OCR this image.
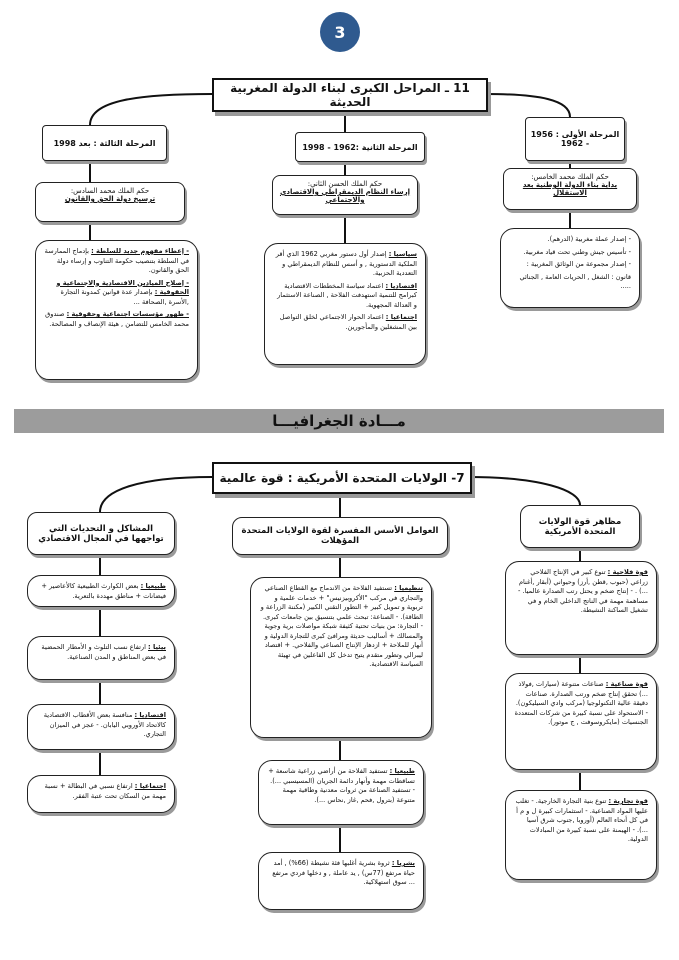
3
11 ـ المراحل الكبرى لبناء الدولة المغربية الحديثة
المرحلة الثالثة : بعد 1998	المرحلة الثانية :1962 - 1998
المرحلة الأولى : 1956 - 1962
حكم الملك محمد السادس:
ترسيخ دولة الحق والقانون
حكم الملك الحسن الثاني:
إرساء النظام الديمقراطي والاقتصادي والاجتماعي
حكم الملك محمد الخامس:
بداية بناء الدولة الوطنية بعد الاستقلال

- إعطاء مفهوم جديد للسلطة : بإدماج الممارسة في السلطة بتنصيب حكومة التناوب و إرساء دولة الحق والقانون.

- إصلاح الميادين الاقتصادية والاجتماعية و الحقوقية : بإصدار عدة قوانين كمدونة التجارة ,الأسرة ,الصحافة ...

- ظهور مؤسسات اجتماعية وحقوقية : صندوق محمد الخامس للتضامن , هيئة الإنصاف و المصالحة.

سياسيا : إصدار أول دستور مغربي 1962 الذي أقر الملكية الدستورية , و أسس للنظام الديمقراطي و التعددية الحزبية.

اقتصاديا : اعتماد سياسة المخططات الاقتصادية كبرامج للتنمية استهدفت الفلاحة , الصناعة الاستثمار و العدالة المجهوية.

اجتماعيا : اعتماد الحوار الاجتماعي لخلق التواصل بين المشغلين والمأجورين.

- إصدار عملة مغربية (الدرهم).

- تأسيس جيش وطني تحت قياد مغربية.

- إصدار مجموعة من الوثائق المغربية :

قانون : الشغل , الحريات العامة , الجنائي .....

مـــادة الجغرافيـــا
7- الولايات المتحدة الأمريكية : قوة عالمية
مظاهر قوة الولايات المتحدة الأمريكية
العوامل الأسس المفسرة لقوة الولايات المتحدة المؤهلات
المشاكل و التحديات التي تواجهها في المجال الاقتصادي

قوة فلاحية : تنوع كبير في الإنتاج الفلاحي زراعي (حبوب ,قطن ,أرز) وحيواني (أبقار ,أغنام ...) . - إنتاج ضخم و يحتل رتب الصدارة عالميا. - مساهمة مهمة في الناتج الداخلي الخام و في تشغيل الساكنة النشيطة.

قوة صناعية : صناعات متنوعة (سيارات ,فولاذ ...) تحقق إنتاج ضخم ورتب الصدارة. صناعات دقيقة عالية التكنولوجيا (مركب وادي السيليكون). - الاستحواذ على نسبة كبيرة من شركات المتعددة الجنسيات (مايكروسوفت , ج موتور).

قوة تجارية : تنوع بنية التجارة الخارجية. - تغلب عليها المواد الصناعية. - استثمارات كبيرة ل و م أ في كل أنحاء العالم (أوروبا ,جنوب شرق آسيا ...). - الهيمنة على نسبة كبيرة من المبادلات الدولية.

تنظيميا : تستفيد الفلاحة من الاندماج مع القطاع الصناعي والتجاري في مركب "الأكروبيزنيس" + خدمات علمية و تربوية و تمويل كبير + التطور التقني الكبير (مكننة الزراعة و الطاقة). - الصناعة: تبحث علمي بتنسيق بين جامعات كبرى. - التجارة: من بنيات تحتية كثيفة شبكة مواصلات برية وجوية والمسالك + أساليب حديثة ومرافئ كبرى للتجارة الدولية و أنهار للملاحة + ازدهار الإنتاج الصناعي والفلاحي. + اقتصاد ليبرالي وتطور متقدم يتيح تدخل كل الفاعلين في تهيئة السياسة الاقتصادية.

طبيعيا : تستفيد الفلاحة من أراضي زراعية شاسعة + تساقطات مهمة وأنهار دائمة الجريان (المسيسبي ...). - تستفيد الصناعة من ثروات معدنية وطاقية مهمة متنوعة (بترول ,فحم ,غاز ,نحاس ...).

بشريا : ثروة بشرية أغلبها فئة نشيطة (66%) , أمد حياة مرتفع (77س) , يد عاملة , و دخلها فردي مرتفع ... سوق استهلاكية.

طبيعيا : بعض الكوارث الطبيعية كالأعاصير + فيضانات + مناطق مهددة بالتعرية.

بيئيا : ارتفاع نسب التلوث و الأمطار الحمضية في بعض المناطق و المدن الصناعية.

اقتصاديا : منافسة بعض الأقطاب الاقتصادية كالاتحاد الأوروبي اليابان. - عجز في الميزان التجاري.

اجتماعيا : ارتفاع نسبي في البطالة + نسبة مهمة من السكان تحت عتبة الفقر.
